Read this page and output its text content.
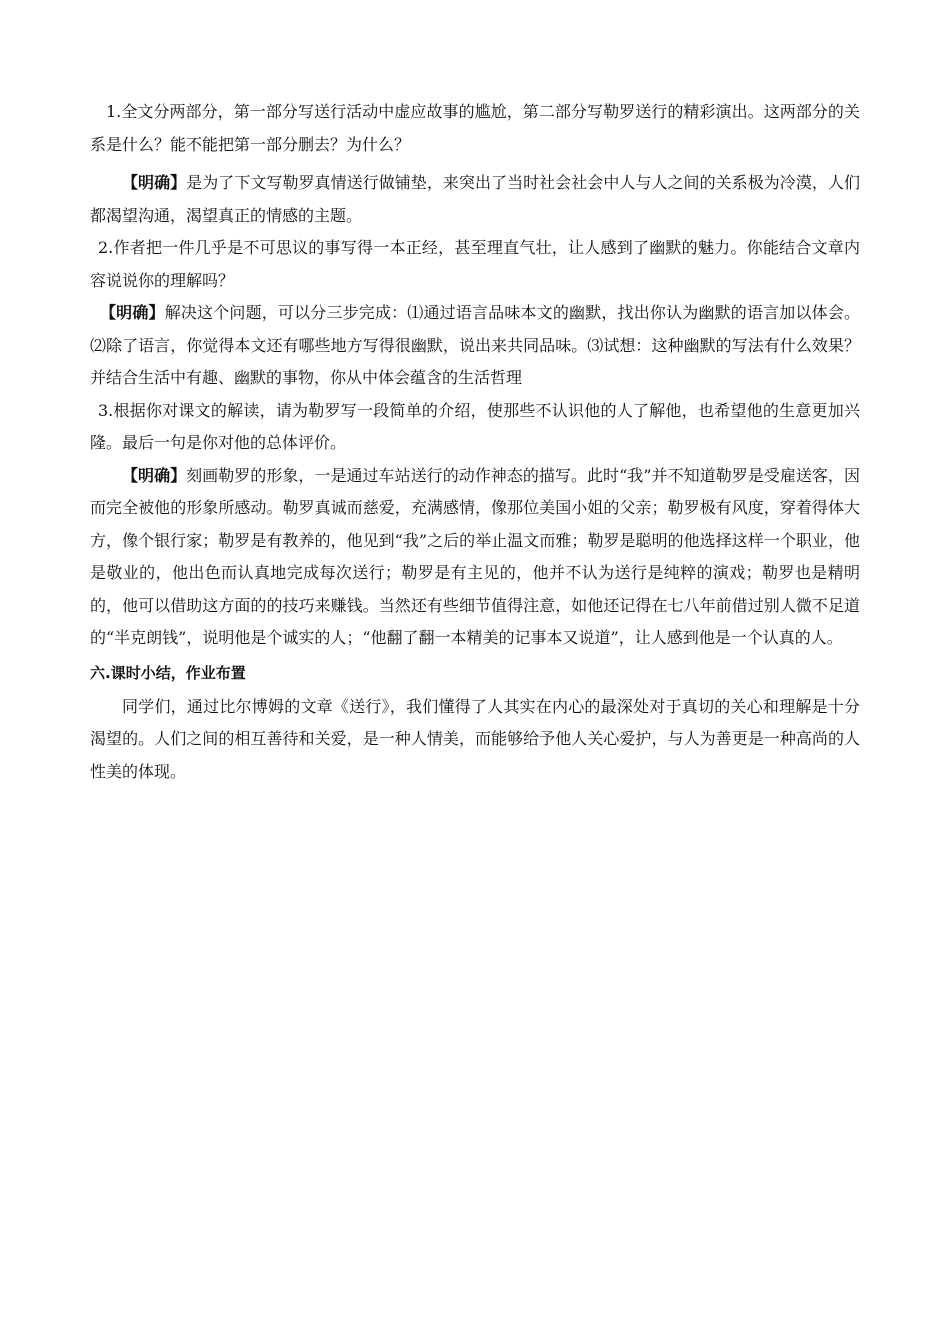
1.全文分两部分，第一部分写送行活动中虚应故事的尴尬，第二部分写勒罗送行的精彩演出。这两部分的关系是什么？能不能把第一部分删去？为什么？

【明确】是为了下文写勒罗真情送行做铺垫，来突出了当时社会社会中人与人之间的关系极为冷漠，人们都渴望沟通，渴望真正的情感的主题。

2.作者把一件几乎是不可思议的事写得一本正经，甚至理直气壮，让人感到了幽默的魅力。你能结合文章内容说说你的理解吗？

【明确】解决这个问题，可以分三步完成：⑴通过语言品味本文的幽默，找出你认为幽默的语言加以体会。⑵除了语言，你觉得本文还有哪些地方写得很幽默，说出来共同品味。⑶试想：这种幽默的写法有什么效果？并结合生活中有趣、幽默的事物，你从中体会蕴含的生活哲理

3.根据你对课文的解读，请为勒罗写一段简单的介绍，使那些不认识他的人了解他，也希望他的生意更加兴隆。最后一句是你对他的总体评价。

【明确】刻画勒罗的形象，一是通过车站送行的动作神态的描写。此时“我”并不知道勒罗是受雇送客，因而完全被他的形象所感动。勒罗真诚而慈爱，充满感情，像那位美国小姐的父亲；勒罗极有风度，穿着得体大方，像个银行家；勒罗是有教养的，他见到“我”之后的举止温文而雅；勒罗是聪明的他选择这样一个职业，他是敬业的，他出色而认真地完成每次送行；勒罗是有主见的，他并不认为送行是纯粹的演戏；勒罗也是精明的，他可以借助这方面的的技巧来赚钱。当然还有些细节值得注意，如他还记得在七八年前借过别人微不足道的“半克朗钱”，说明他是个诚实的人；“他翻了翻一本精美的记事本又说道”，让人感到他是一个认真的人。

六.课时小结，作业布置

同学们，通过比尔博姆的文章《送行》，我们懂得了人其实在内心的最深处对于真切的关心和理解是十分渴望的。人们之间的相互善待和关爱，是一种人情美，而能够给予他人关心爱护，与人为善更是一种高尚的人性美的体现。
